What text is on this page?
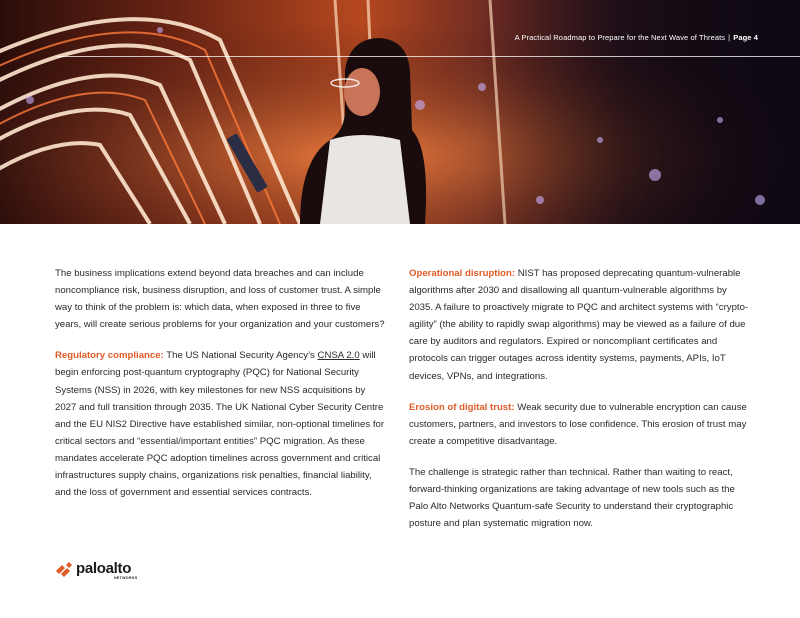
A Practical Roadmap to Prepare for the Next Wave of Threats | Page 4

The business implications extend beyond data breaches and can include noncompliance risk, business disruption, and loss of customer trust. A simple way to think of the problem is: which data, when exposed in three to five years, will create serious problems for your organization and your customers?

Regulatory compliance: The US National Security Agency’s CNSA 2.0 will begin enforcing post-quantum cryptography (PQC) for National Security Systems (NSS) in 2026, with key milestones for new NSS acquisitions by 2027 and full transition through 2035. The UK National Cyber Security Centre and the EU NIS2 Directive have established similar, non-optional timelines for critical sectors and “essential/important entities” PQC migration. As these mandates accelerate PQC adoption timelines across government and critical infrastructures supply chains, organizations risk penalties, financial liability, and the loss of government and essential services contracts.

Operational disruption: NIST has proposed deprecating quantum-vulnerable algorithms after 2030 and disallowing all quantum-vulnerable algorithms by 2035. A failure to proactively migrate to PQC and architect systems with “crypto-agility” (the ability to rapidly swap algorithms) may be viewed as a failure of due care by auditors and regulators. Expired or noncompliant certificates and protocols can trigger outages across identity systems, payments, APIs, IoT devices, VPNs, and integrations.

Erosion of digital trust: Weak security due to vulnerable encryption can cause customers, partners, and investors to lose confidence. This erosion of trust may create a competitive disadvantage.

The challenge is strategic rather than technical. Rather than waiting to react, forward-thinking organizations are taking advantage of new tools such as the Palo Alto Networks Quantum-safe Security to understand their cryptographic posture and plan systematic migration now.

paloalto
NETWORKS
